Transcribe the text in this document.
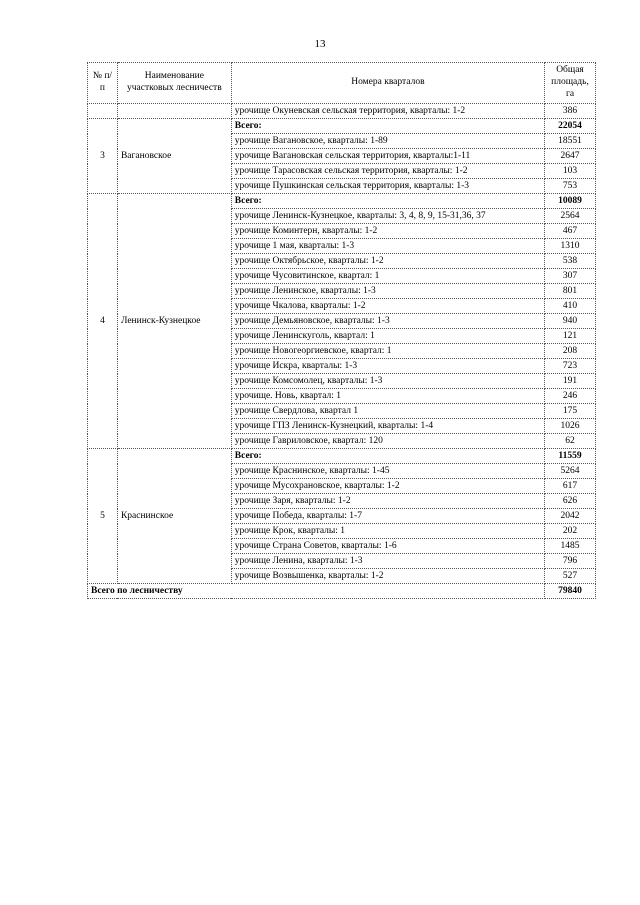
13
№ п/п	Наименование участковых лесничеств	Номера кварталов	Общая площадь, га
		урочище Окуневская сельская территория, кварталы: 1-2	386
3	Вагановское	Всего:	22054
		урочище Вагановское, кварталы: 1-89	18551
		урочище Вагановская сельская территория, кварталы:1-11	2647
		урочище Тарасовская сельская территория, кварталы: 1-2	103
		урочище Пушкинская сельская территория, кварталы: 1-3	753
4	Ленинск-Кузнецкое	Всего:	10089
		урочище Ленинск-Кузнецкое, кварталы: 3, 4, 8, 9, 15-31,36, 37	2564
		урочище Коминтерн, кварталы: 1-2	467
		урочище 1 мая, кварталы: 1-3	1310
		урочище Октябрьское, кварталы: 1-2	538
		урочище Чусовитинское, квартал: 1	307
		урочище Ленинское, кварталы: 1-3	801
		урочище Чкалова, кварталы: 1-2	410
		урочище Демьяновское, кварталы: 1-3	940
		урочище Ленинскуголь, квартал: 1	121
		урочище Новогеоргиевское, квартал: 1	208
		урочище Искра, кварталы: 1-3	723
		урочище Комсомолец, кварталы: 1-3	191
		урочище. Новь, квартал: 1	246
		урочище Свердлова, квартал 1	175
		урочище ГПЗ Ленинск-Кузнецкий, кварталы: 1-4	1026
		урочище Гавриловское, квартал: 120	62
5	Краснинское	Всего:	11559
		урочище Краснинское, кварталы: 1-45	5264
		урочище Мусохрановское, кварталы: 1-2	617
		урочище Заря, кварталы: 1-2	626
		урочище Победа, кварталы: 1-7	2042
		урочище Крок, кварталы: 1	202
		урочище Страна Советов, кварталы: 1-6	1485
		урочище Ленина, кварталы: 1-3	796
		урочище Возвышенка, кварталы: 1-2	527
Всего по лесничеству			79840
